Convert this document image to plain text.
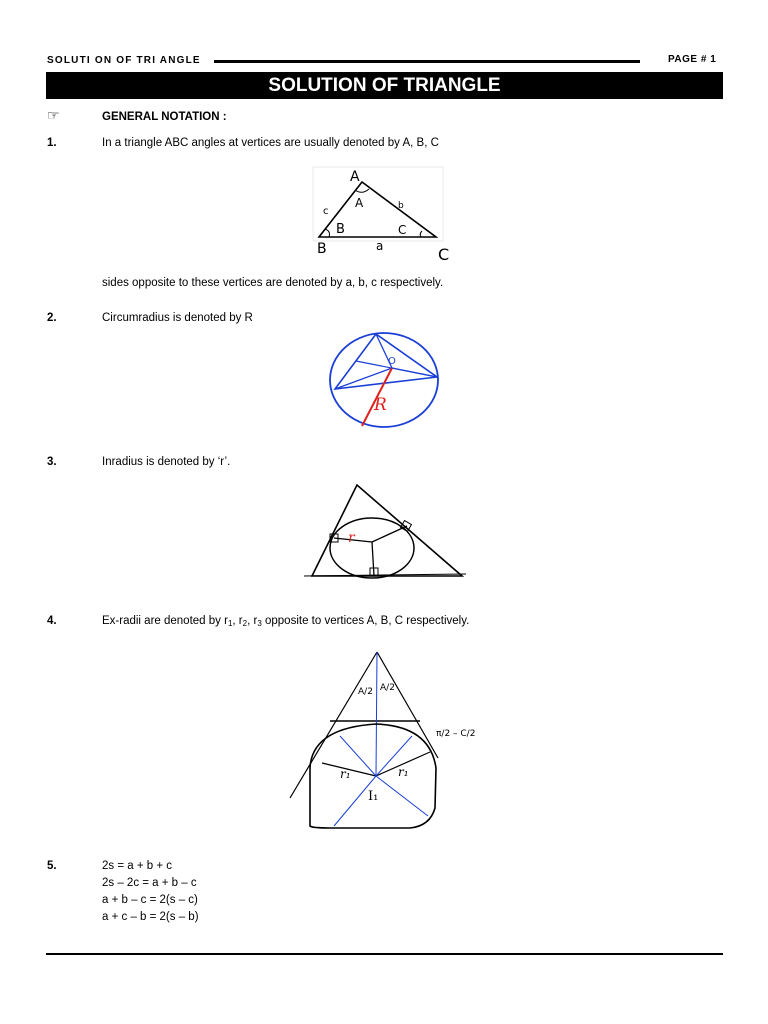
SOLUTI ON OF TRI ANGLE	PAGE # 1
SOLUTION OF TRIANGLE
☞	GENERAL NOTATION :
1.	In a triangle ABC angles at vertices are usually denoted by A, B, C
A
A
c	b
B	C
B	a	C
sides opposite to these vertices are denoted by a, b, c respectively.
2.	Circumradius is denoted by R
O
R
3.	Inradius is denoted by ‘r’.
r
4.	Ex-radii are denoted by $r_1$, $r_2$, $r_3$ opposite to vertices A, B, C respectively.
A/2 A/2
π/2 – C/2
r₁	r₁
I₁
5.	2s = a + b + c
2s – 2c = a + b – c
a + b – c = 2(s – c)
a + c – b = 2(s – b)
